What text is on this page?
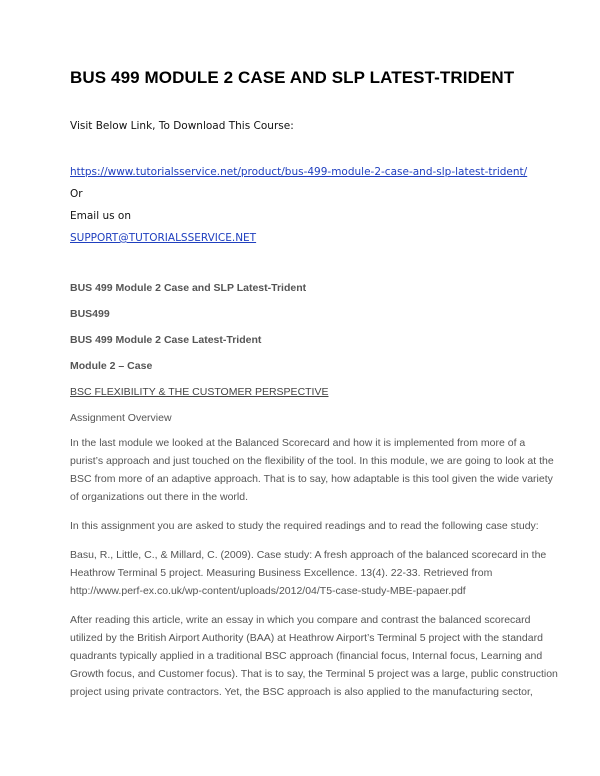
BUS 499 MODULE 2 CASE AND SLP LATEST-TRIDENT
Visit Below Link, To Download This Course:
https://www.tutorialsservice.net/product/bus-499-module-2-case-and-slp-latest-trident/
Or
Email us on
SUPPORT@TUTORIALSSERVICE.NET
BUS 499 Module 2 Case and SLP Latest-Trident
BUS499
BUS 499 Module 2 Case Latest-Trident
Module 2 – Case
BSC FLEXIBILITY & THE CUSTOMER PERSPECTIVE
Assignment Overview
In the last module we looked at the Balanced Scorecard and how it is implemented from more of a
purist’s approach and just touched on the flexibility of the tool. In this module, we are going to look at the
BSC from more of an adaptive approach. That is to say, how adaptable is this tool given the wide variety
of organizations out there in the world.
In this assignment you are asked to study the required readings and to read the following case study:
Basu, R., Little, C., & Millard, C. (2009). Case study: A fresh approach of the balanced scorecard in the
Heathrow Terminal 5 project. Measuring Business Excellence. 13(4). 22-33. Retrieved from
http://www.perf-ex.co.uk/wp-content/uploads/2012/04/T5-case-study-MBE-papaer.pdf
After reading this article, write an essay in which you compare and contrast the balanced scorecard
utilized by the British Airport Authority (BAA) at Heathrow Airport’s Terminal 5 project with the standard
quadrants typically applied in a traditional BSC approach (financial focus, Internal focus, Learning and
Growth focus, and Customer focus). That is to say, the Terminal 5 project was a large, public construction
project using private contractors. Yet, the BSC approach is also applied to the manufacturing sector,
